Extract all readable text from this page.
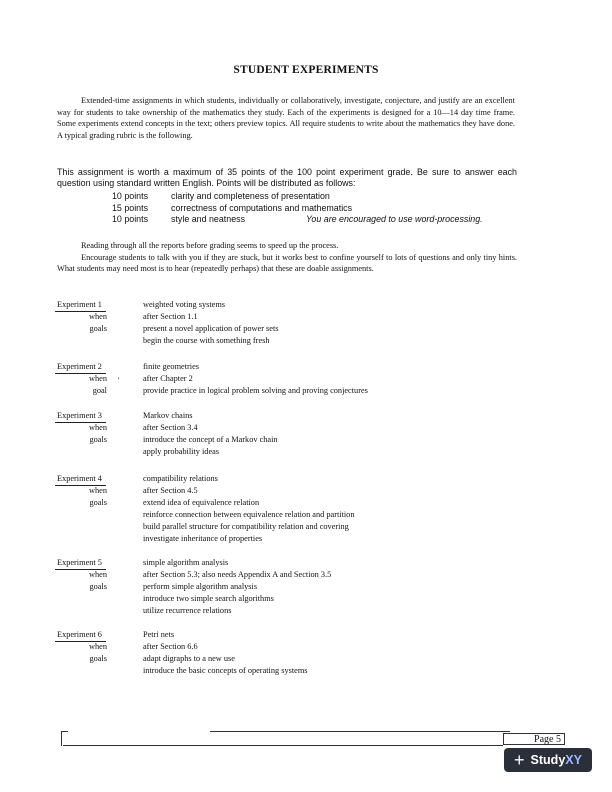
STUDENT EXPERIMENTS

Extended-time assignments in which students, individually or collaboratively, investigate, conjecture, and justify are an excellent way for students to take ownership of the mathematics they study. Each of the experiments is designed for a 10—14 day time frame. Some experiments extend concepts in the text; others preview topics. All require students to write about the mathematics they have done. A typical grading rubric is the following.

This assignment is worth a maximum of 35 points of the 100 point experiment grade. Be sure to answer each question using standard written English. Points will be distributed as follows:

10 points	clarity and completeness of presentation
15 points	correctness of computations and mathematics
10 points	style and neatness	You are encouraged to use word-processing.

Reading through all the reports before grading seems to speed up the process.

Encourage students to talk with you if they are stuck, but it works best to confine yourself to lots of questions and only tiny hints. What students may need most is to hear (repeatedly perhaps) that these are doable assignments.

Experiment 1	weighted voting systems
when	after Section 1.1
goals	present a novel application of power sets
begin the course with something fresh
Experiment 2	finite geometries
when	after Chapter 2
goal	provide practice in logical problem solving and proving conjectures
'
Experiment 3	Markov chains
when	after Section 3.4
goals	introduce the concept of a Markov chain
apply probability ideas
Experiment 4	compatibility relations
when	after Section 4.5
goals	extend idea of equivalence relation
reinforce connection between equivalence relation and partition
build parallel structure for compatibility relation and covering
investigate inheritance of properties
Experiment 5	simple algorithm analysis
when	after Section 5.3; also needs Appendix A and Section 3.5
goals	perform simple algorithm analysis
introduce two simple search algorithms
utilize recurrence relations
Experiment 6	Petri nets
when	after Section 6.6
goals	adapt digraphs to a new use
introduce the basic concepts of operating systems
Page 5
+ Study XY
